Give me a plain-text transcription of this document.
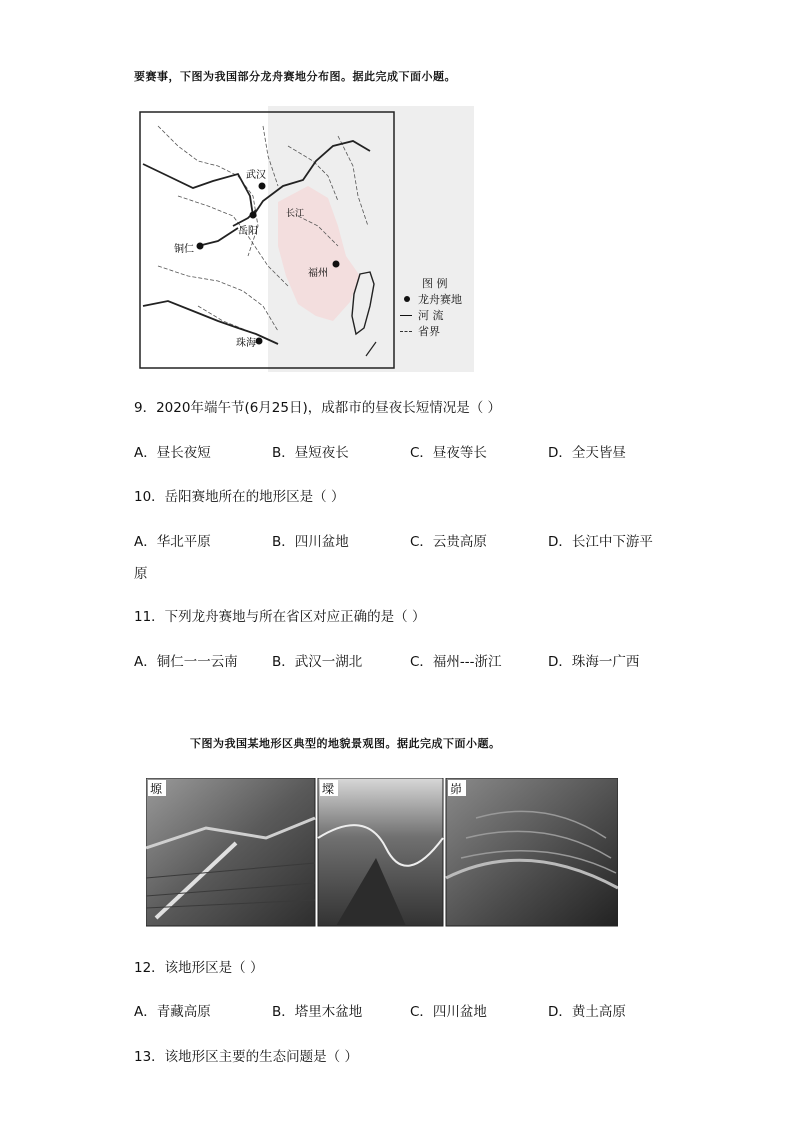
要赛事，下图为我国部分龙舟赛地分布图。据此完成下面小题。
武汉
岳阳
铜仁
福州
珠海
长江
图 例
龙舟赛地
河 流
省界
9．2020年端午节(6月25日)，成都市的昼夜长短情况是（ ）
A．昼长夜短	B．昼短夜长	C．昼夜等长	D．全天皆昼
10．岳阳赛地所在的地形区是（ ）
A．华北平原	B．四川盆地	C．云贵高原	D．长江中下游平
原
11．下列龙舟赛地与所在省区对应正确的是（ ）
A．铜仁一一云南	B．武汉一湖北	C．福州---浙江	D．珠海一广西
下图为我国某地形区典型的地貌景观图。据此完成下面小题。
塬	墚	峁
12．该地形区是（ ）
A．青藏高原	B．塔里木盆地	C．四川盆地	D．黄土高原
13．该地形区主要的生态问题是（ ）
